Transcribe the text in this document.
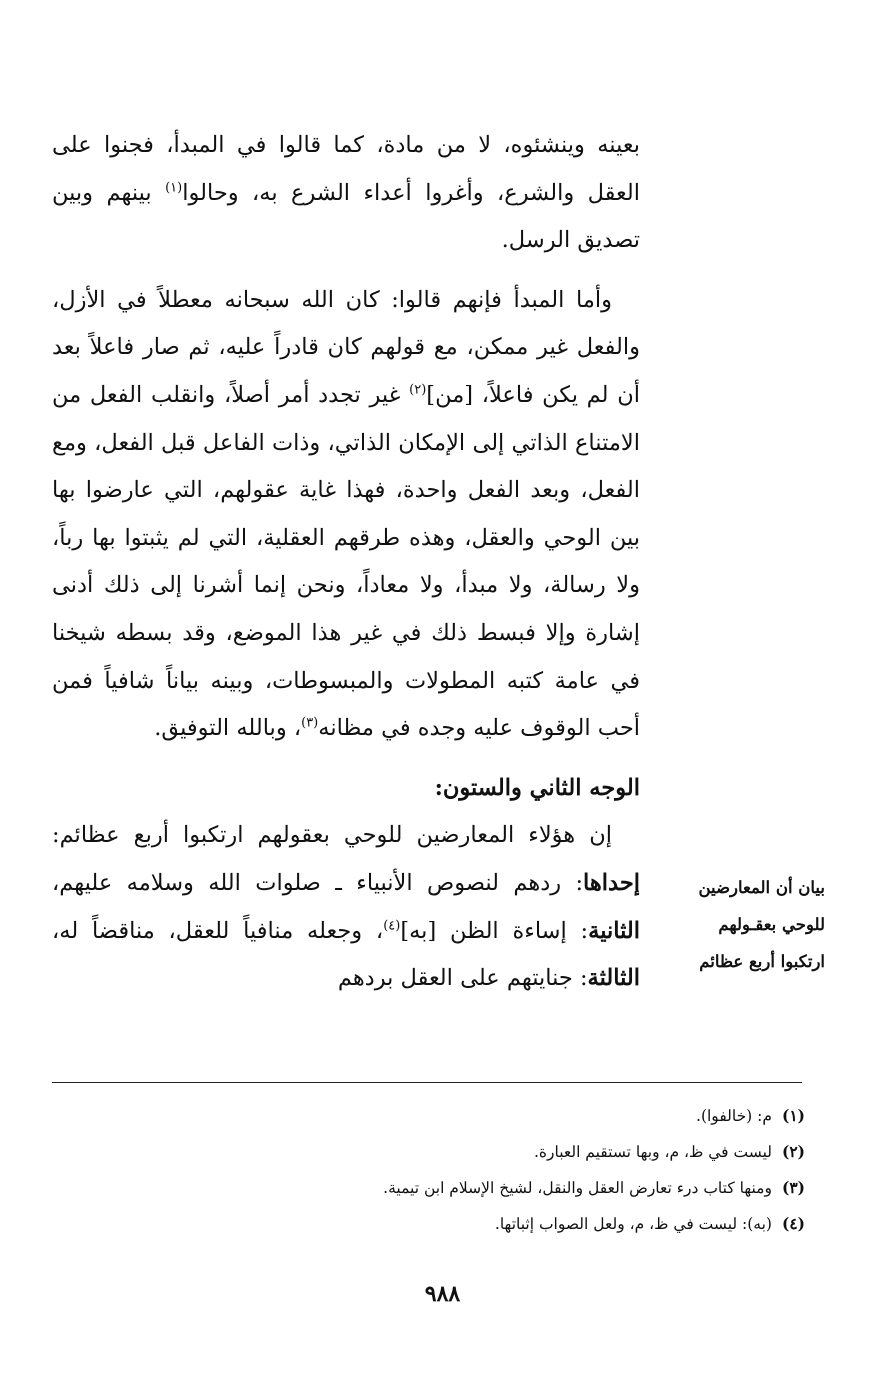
بعينه وينشئوه، لا من مادة، كما قالوا في المبدأ، فجنوا على العقل والشرع، وأغروا أعداء الشرع به، وحالوا$^{(١)}$ بينهم وبين تصديق الرسل.

وأما المبدأ فإنهم قالوا: كان الله سبحانه معطلاً في الأزل، والفعل غير ممكن، مع قولهم كان قادراً عليه، ثم صار فاعلاً بعد أن لم يكن فاعلاً، [من]$^{(٢)}$ غير تجدد أمر أصلاً، وانقلب الفعل من الامتناع الذاتي إلى الإمكان الذاتي، وذات الفاعل قبل الفعل، ومع الفعل، وبعد الفعل واحدة، فهذا غاية عقولهم، التي عارضوا بها بين الوحي والعقل، وهذه طرقهم العقلية، التي لم يثبتوا بها رباً، ولا رسالة، ولا مبدأ، ولا معاداً، ونحن إنما أشرنا إلى ذلك أدنى إشارة وإلا فبسط ذلك في غير هذا الموضع، وقد بسطه شيخنا في عامة كتبه المطولات والمبسوطات، وبينه بياناً شافياً فمن أحب الوقوف عليه وجده في مظانه$^{(٣)}$، وبالله التوفيق.

الوجه الثاني والستون:

إن هؤلاء المعارضين للوحي بعقولهم ارتكبوا أربع عظائم: إحداها: ردهم لنصوص الأنبياء ـ صلوات الله وسلامه عليهم، الثانية: إساءة الظن [به]$^{(٤)}$، وجعله منافياً للعقل، مناقضاً له، الثالثة: جنايتهم على العقل بردهم

بيان أن المعارضين
للوحي بعقـولهم
ارتكبوا أربع عظائم
(١)م: (خالفوا).
(٢)ليست في ظ، م، وبها تستقيم العبارة.
(٣)ومنها كتاب درء تعارض العقل والنقل، لشيخ الإسلام ابن تيمية.
(٤)(به): ليست في ظ، م، ولعل الصواب إثباتها.
٩٨٨
